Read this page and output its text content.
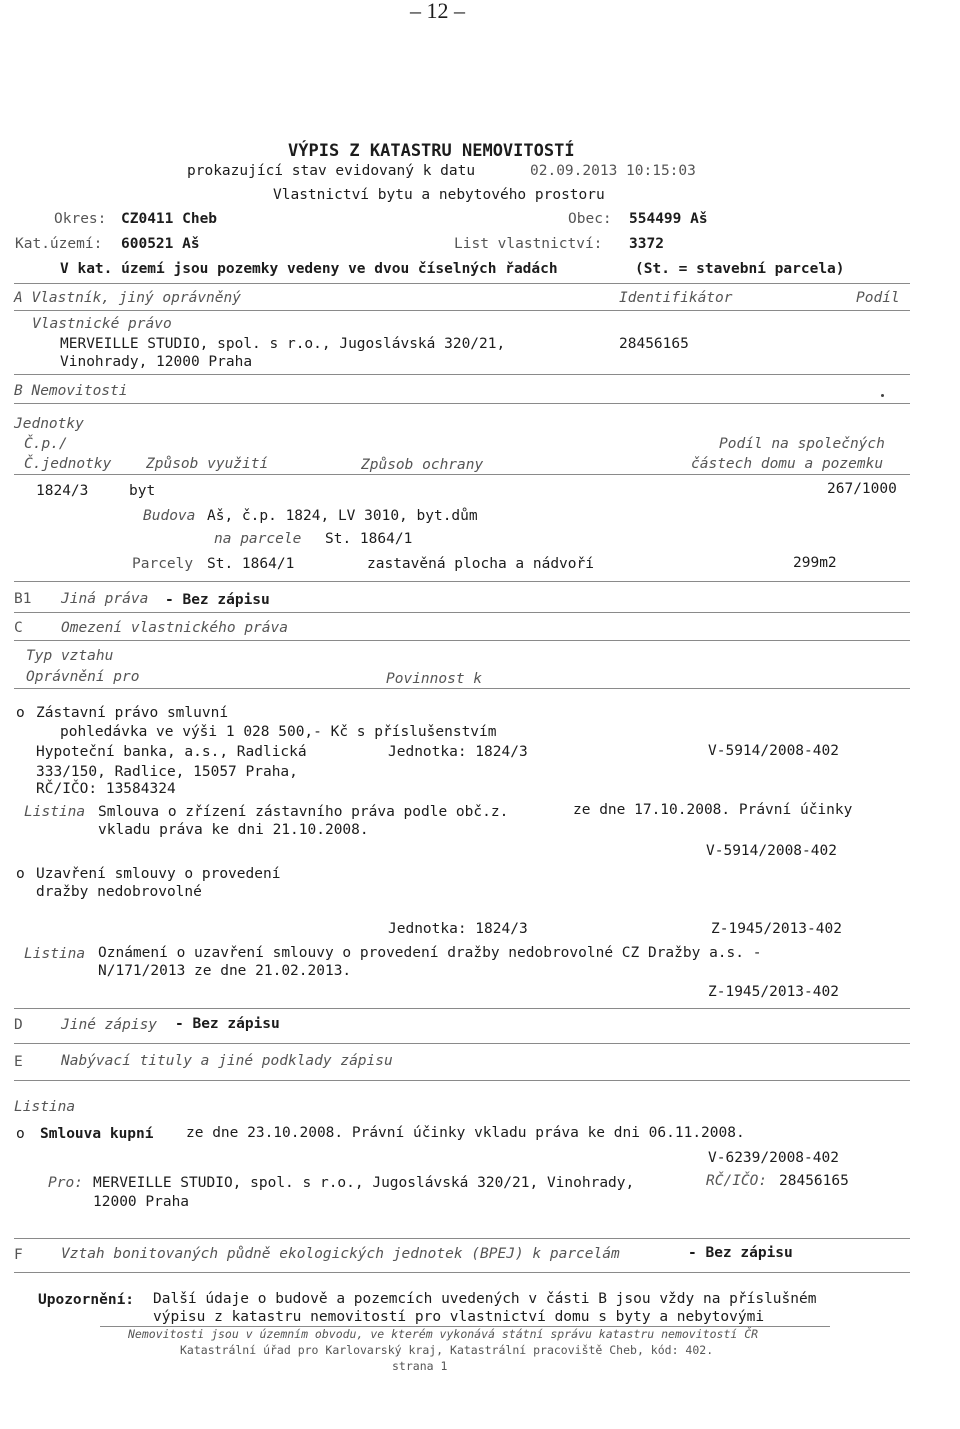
– 12 –
VÝPIS Z KATASTRU NEMOVITOSTÍ
prokazující stav evidovaný k datu	02.09.2013 10:15:03
Vlastnictví bytu a nebytového prostoru
Okres: CZ0411 Cheb	Obec: 554499 Aš
Kat.území: 600521 Aš	List vlastnictví: 3372
V kat. území jsou pozemky vedeny ve dvou číselných řadách	(St. = stavební parcela)
A Vlastník, jiný oprávněný	Identifikátor	Podíl
Vlastnické právo
MERVEILLE STUDIO, spol. s r.o., Jugoslávská 320/21,
Vinohrady, 12000 Praha
28456165
B Nemovitosti
Jednotky
Č.p./
Č.jednotky Způsob využití	Způsob ochrany
Podíl na společných
částech domu a pozemku
1824/3	byt	267/1000
Budova Aš, č.p. 1824, LV 3010, byt.dům
na parcele St. 1864/1
Parcely St. 1864/1	zastavěná plocha a nádvoří	299m2
B1 Jiná práva - Bez zápisu
C	Omezení vlastnického práva
Typ vztahu
Oprávnění pro	Povinnost k
o Zástavní právo smluvní
pohledávka ve výši 1 028 500,- Kč s příslušenstvím
Hypoteční banka, a.s., Radlická	Jednotka: 1824/3	V-5914/2008-402
333/150, Radlice, 15057 Praha,
RČ/IČO: 13584324
Listina Smlouva o zřízení zástavního práva podle obč.z.	ze dne 17.10.2008. Právní účinky
vkladu práva ke dni 21.10.2008.
V-5914/2008-402
o Uzavření smlouvy o provedení
dražby nedobrovolné
Jednotka: 1824/3	Z-1945/2013-402
Listina Oznámení o uzavření smlouvy o provedení dražby nedobrovolné CZ Dražby a.s. -
N/171/2013 ze dne 21.02.2013.
Z-1945/2013-402
D	Jiné zápisy - Bez zápisu
E	Nabývací tituly a jiné podklady zápisu
Listina
o Smlouva kupní ze dne 23.10.2008. Právní účinky vkladu práva ke dni 06.11.2008.
V-6239/2008-402
Pro: MERVEILLE STUDIO, spol. s r.o., Jugoslávská 320/21, Vinohrady,	RČ/IČO: 28456165
12000 Praha
F	Vztah bonitovaných půdně ekologických jednotek (BPEJ) k parcelám	- Bez zápisu
Upozornění: Další údaje o budově a pozemcích uvedených v části B jsou vždy na příslušném
výpisu z katastru nemovitostí pro vlastnictví domu s byty a nebytovými
Nemovitosti jsou v územním obvodu, ve kterém vykonává státní správu katastru nemovitostí ČR
Katastrální úřad pro Karlovarský kraj, Katastrální pracoviště Cheb, kód: 402.
strana 1
